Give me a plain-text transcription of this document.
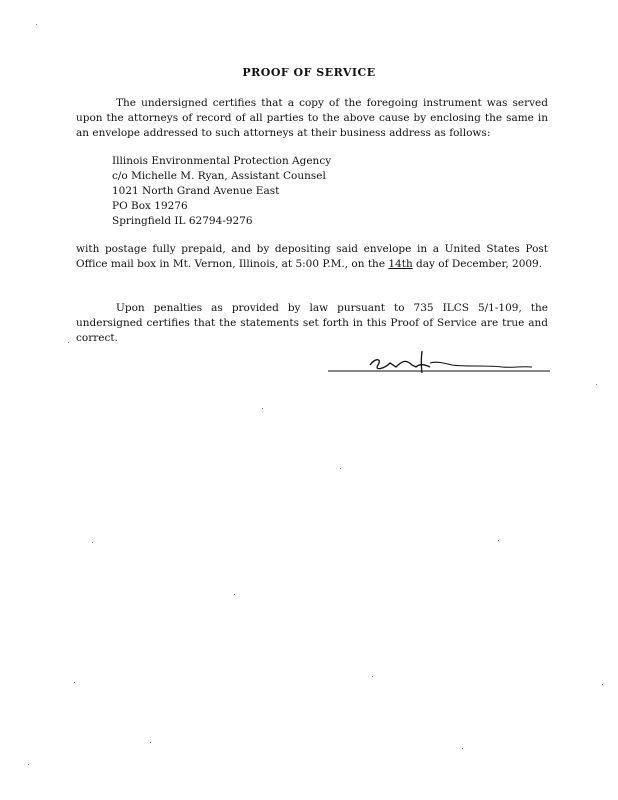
PROOF OF SERVICE
The undersigned certifies that a copy of the foregoing instrument was served upon the attorneys of record of all parties to the above cause by enclosing the same in an envelope addressed to such attorneys at their business address as follows:
Illinois Environmental Protection Agency
c/o Michelle M. Ryan, Assistant Counsel
1021 North Grand Avenue East
PO Box 19276
Springfield IL 62794-9276
with postage fully prepaid, and by depositing said envelope in a United States Post Office mail box in Mt. Vernon, Illinois, at 5:00 P.M., on the 14th day of December, 2009.
Upon penalties as provided by law pursuant to 735 ILCS 5/1-109, the undersigned certifies that the statements set forth in this Proof of Service are true and correct.
